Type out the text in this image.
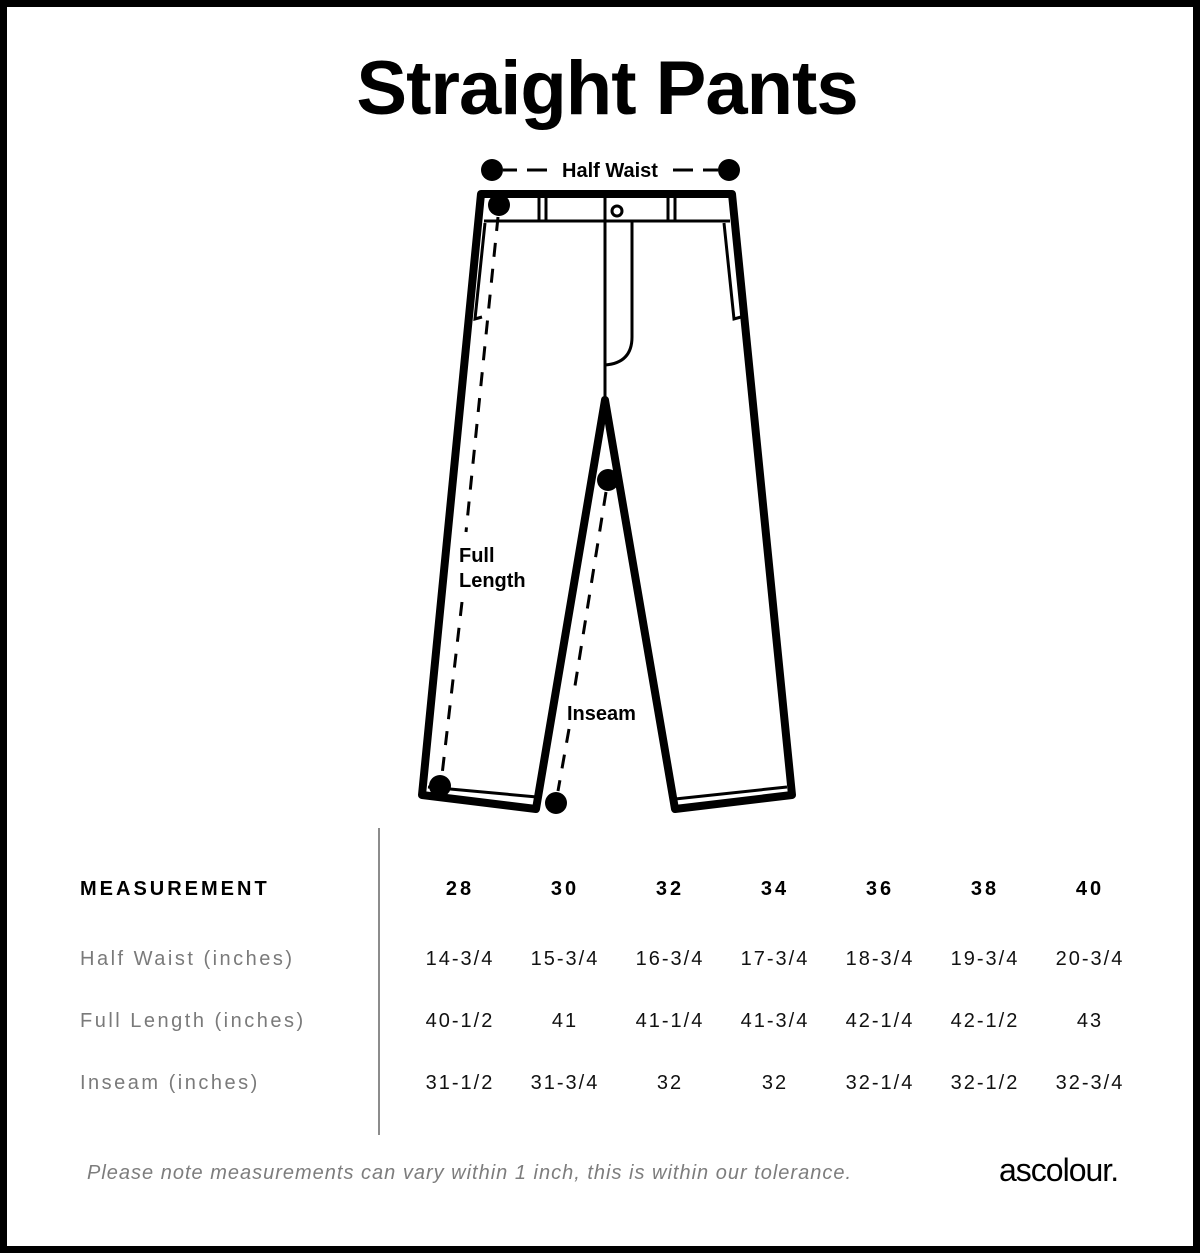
Straight Pants
Half Waist
Full
Length
Inseam
MEASUREMENT	28	30	32	34	36	38	40
Half Waist (inches)	14-3/4	15-3/4	16-3/4	17-3/4	18-3/4	19-3/4	20-3/4
Full Length (inches)	40-1/2	41	41-1/4	41-3/4	42-1/4	42-1/2	43
Inseam (inches)	31-1/2	31-3/4	32	32	32-1/4	32-1/2	32-3/4
Please note measurements can vary within 1 inch, this is within our tolerance.	ascolour.
